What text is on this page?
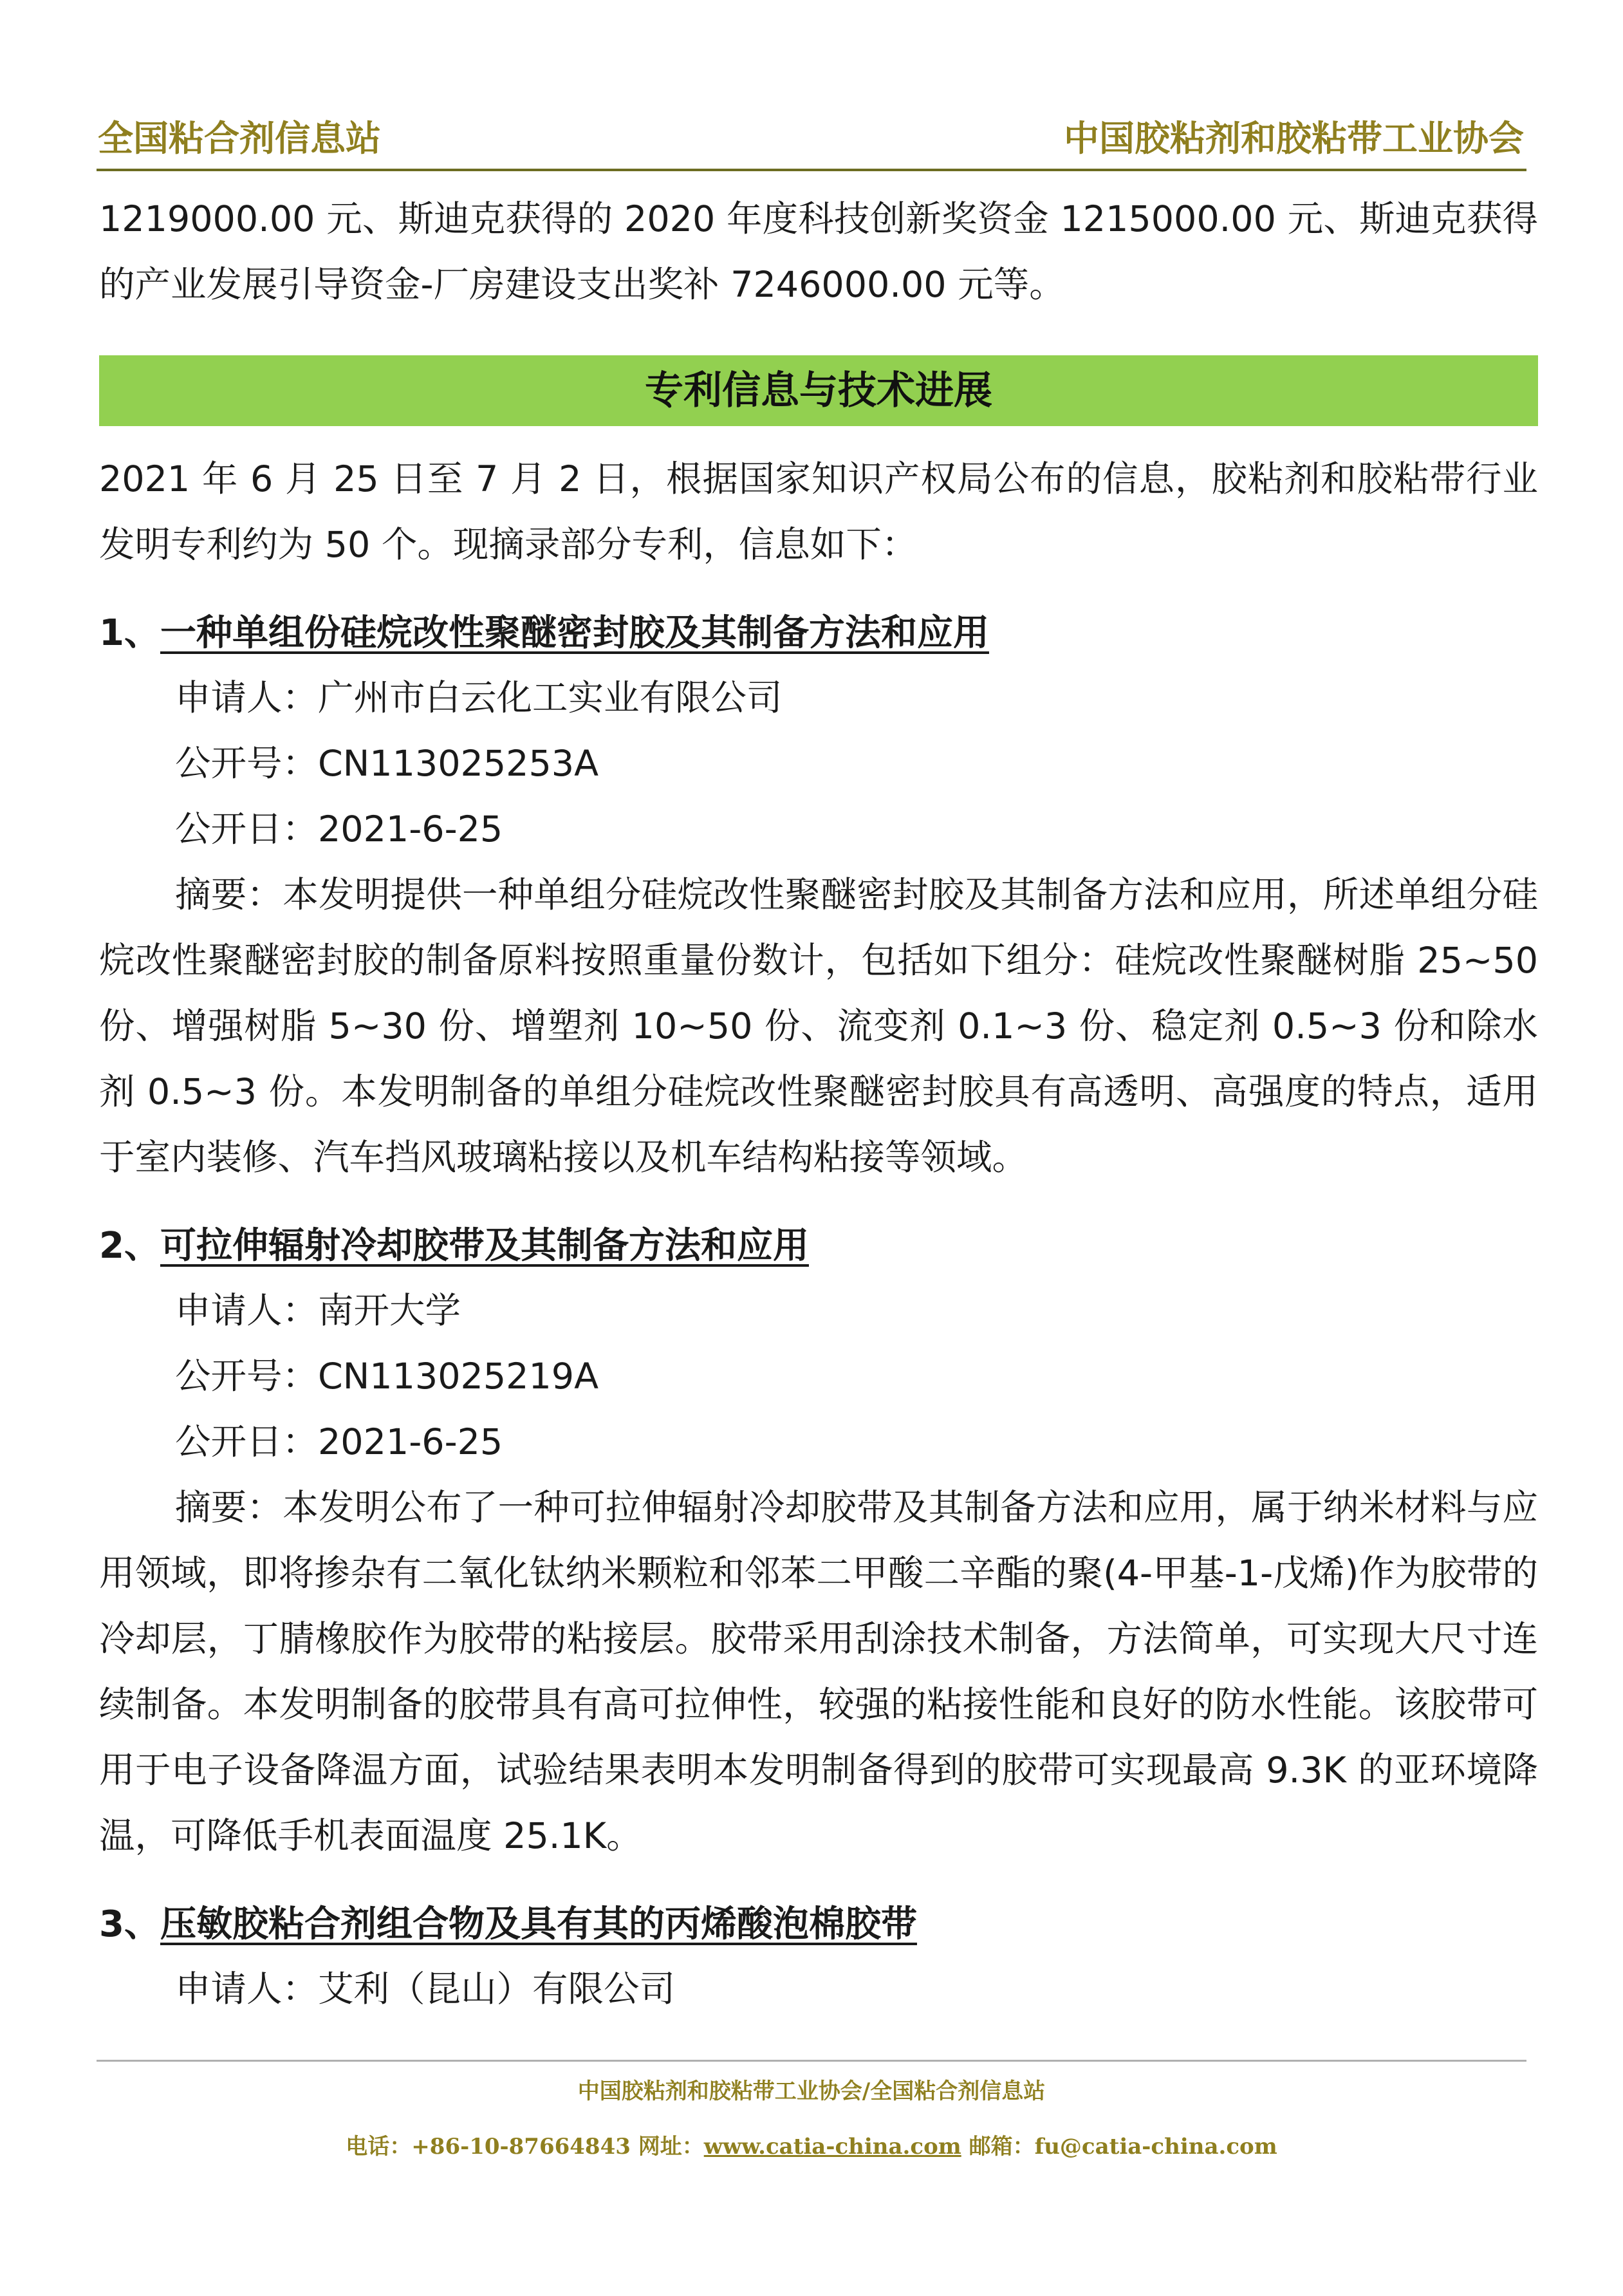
全国粘合剂信息站	中国胶粘剂和胶粘带工业协会

1219000.00 元、斯迪克获得的 2020 年度科技创新奖资金 1215000.00 元、斯迪克获得的产业发展引导资金-厂房建设支出奖补 7246000.00 元等。

专利信息与技术进展

2021 年 6 月 25 日至 7 月 2 日，根据国家知识产权局公布的信息，胶粘剂和胶粘带行业发明专利约为 50 个。现摘录部分专利，信息如下：

1、一种单组份硅烷改性聚醚密封胶及其制备方法和应用

申请人：广州市白云化工实业有限公司

公开号：CN113025253A

公开日：2021-6-25

摘要：本发明提供一种单组分硅烷改性聚醚密封胶及其制备方法和应用，所述单组分硅烷改性聚醚密封胶的制备原料按照重量份数计，包括如下组分：硅烷改性聚醚树脂 25~50 份、增强树脂 5~30 份、增塑剂 10~50 份、流变剂 0.1~3 份、稳定剂 0.5~3 份和除水剂 0.5~3 份。本发明制备的单组分硅烷改性聚醚密封胶具有高透明、高强度的特点，适用于室内装修、汽车挡风玻璃粘接以及机车结构粘接等领域。

2、可拉伸辐射冷却胶带及其制备方法和应用

申请人：南开大学

公开号：CN113025219A

公开日：2021-6-25

摘要：本发明公布了一种可拉伸辐射冷却胶带及其制备方法和应用，属于纳米材料与应用领域，即将掺杂有二氧化钛纳米颗粒和邻苯二甲酸二辛酯的聚(4-甲基-1-戊烯)作为胶带的冷却层，丁腈橡胶作为胶带的粘接层。胶带采用刮涂技术制备，方法简单，可实现大尺寸连续制备。本发明制备的胶带具有高可拉伸性，较强的粘接性能和良好的防水性能。该胶带可用于电子设备降温方面，试验结果表明本发明制备得到的胶带可实现最高 9.3K 的亚环境降温，可降低手机表面温度 25.1K。

3、压敏胶粘合剂组合物及具有其的丙烯酸泡棉胶带

申请人：艾利（昆山）有限公司

中国胶粘剂和胶粘带工业协会/全国粘合剂信息站
电话：+86-10-87664843 网址：www.catia-china.com 邮箱：fu@catia-china.com
